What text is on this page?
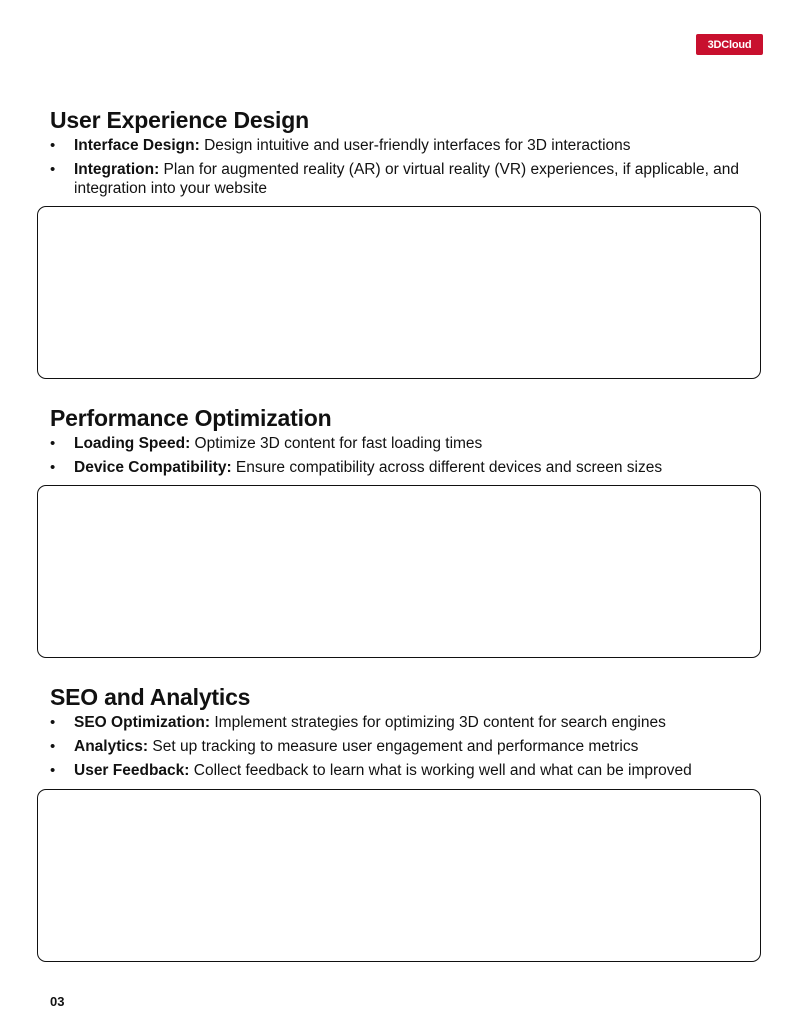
3DCloud
User Experience Design
• Interface Design: Design intuitive and user-friendly interfaces for 3D interactions
• Integration: Plan for augmented reality (AR) or virtual reality (VR) experiences, if applicable, and integration into your website
Performance Optimization
• Loading Speed: Optimize 3D content for fast loading times
• Device Compatibility: Ensure compatibility across different devices and screen sizes
SEO and Analytics
• SEO Optimization: Implement strategies for optimizing 3D content for search engines
• Analytics: Set up tracking to measure user engagement and performance metrics
• User Feedback: Collect feedback to learn what is working well and what can be improved
03
